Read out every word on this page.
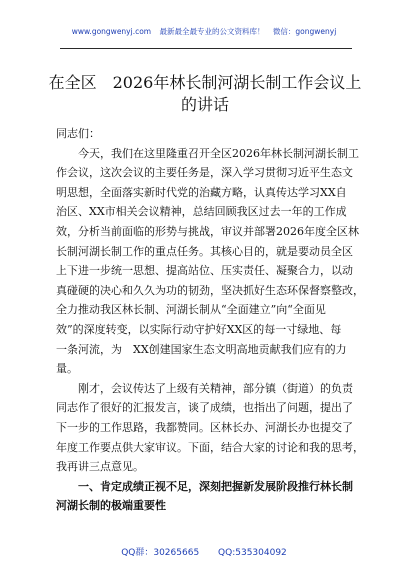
www.gongwenyj.com 最新最全最专业的公文资料库！ 微信：gongwenyj
在全区　2026年林长制河湖长制工作会议上
的讲话
同志们：
今天，我们在这里隆重召开全区2026年林长制河湖长制工
作会议，这次会议的主要任务是，深入学习贯彻习近平生态文
明思想，全面落实新时代党的治藏方略，认真传达学习XX自
治区、XX市相关会议精神，总结回顾我区过去一年的工作成
效，分析当前面临的形势与挑战，审议并部署2026年度全区林
长制河湖长制工作的重点任务。其核心目的，就是要动员全区
上下进一步统一思想、提高站位、压实责任、凝聚合力，以动
真碰硬的决心和久久为功的韧劲，坚决抓好生态环保督察整改，
全力推动我区林长制、河湖长制从“全面建立”向“全面见
效”的深度转变，以实际行动守护好XX区的每一寸绿地、每
一条河流，为　XX创建国家生态文明高地贡献我们应有的力
量。
刚才，会议传达了上级有关精神，部分镇（街道）的负责
同志作了很好的汇报发言，谈了成绩，也指出了问题，提出了
下一步的工作思路，我都赞同。区林长办、河湖长办也提交了
年度工作要点供大家审议。下面，结合大家的讨论和我的思考，
我再讲三点意见。
一、肯定成绩正视不足，深刻把握新发展阶段推行林长制
河湖长制的极端重要性
QQ群：30265665 QQ:535304092
